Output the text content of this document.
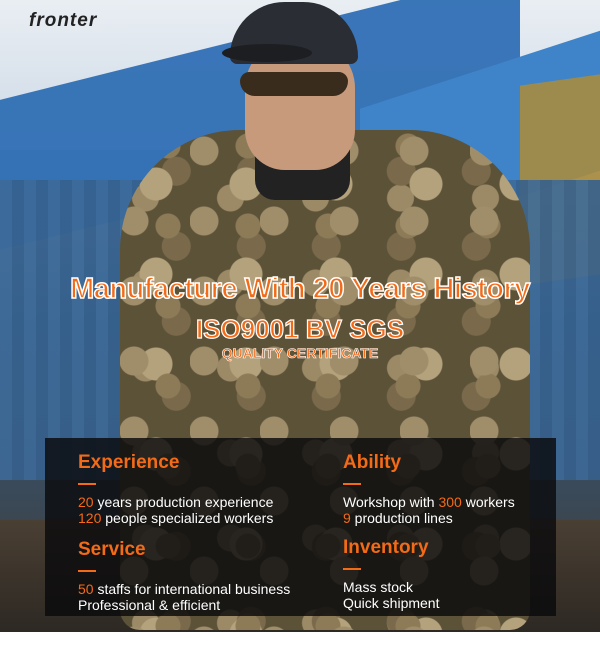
fronter
Manufacture With 20 Years History
ISO9001 BV SGS
QUALITY CERTIFICATE
Experience
20 years production experience
120 people specialized workers
Ability
Workshop with 300 workers
9 production lines
Service
50 staffs for international business
Professional & efficient
Inventory
Mass stock
Quick shipment
